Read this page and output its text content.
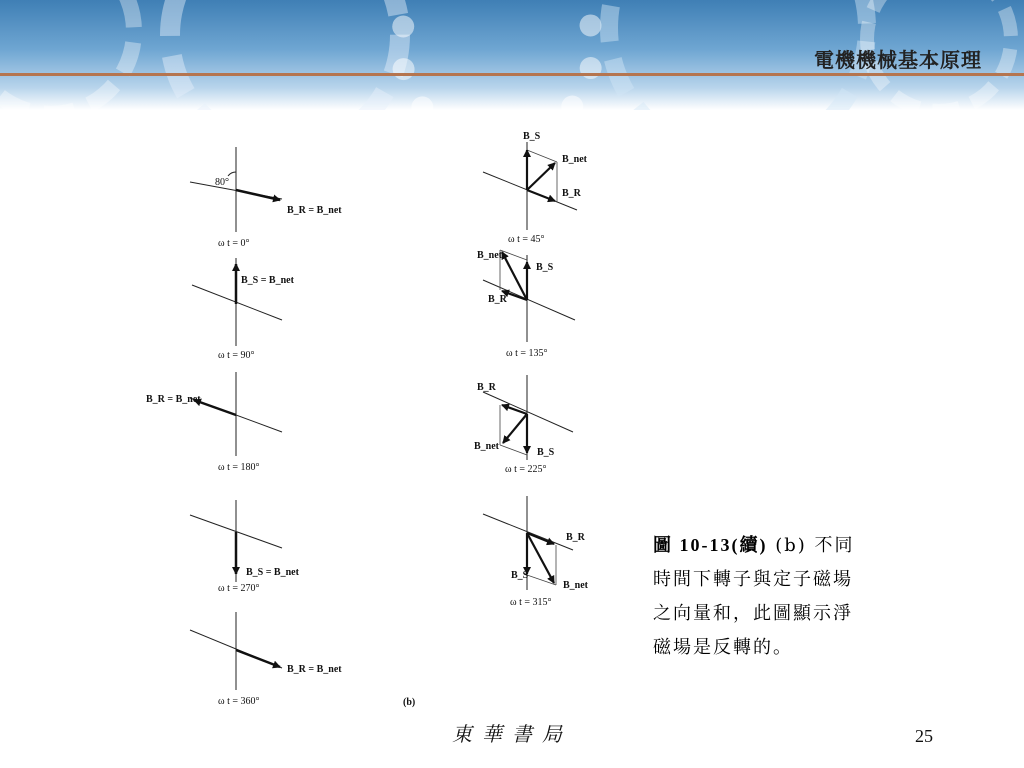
電機機械基本原理
80°
B_R = B_net
ω t = 0°
B_S = B_net
ω t = 90°
B_R = B_net
ω t = 180°
B_S = B_net
ω t = 270°
B_R = B_net
ω t = 360°
B_S
B_net
B_R
ω t = 45°
B_net
B_S
B_R
ω t = 135°
B_R
B_net
B_S
ω t = 225°
B_R
B_S
B_net
ω t = 315°
(b)
圖 10-13(續) (b) 不同時間下轉子與定子磁場之向量和，此圖顯示淨磁場是反轉的。
東華書局	25
